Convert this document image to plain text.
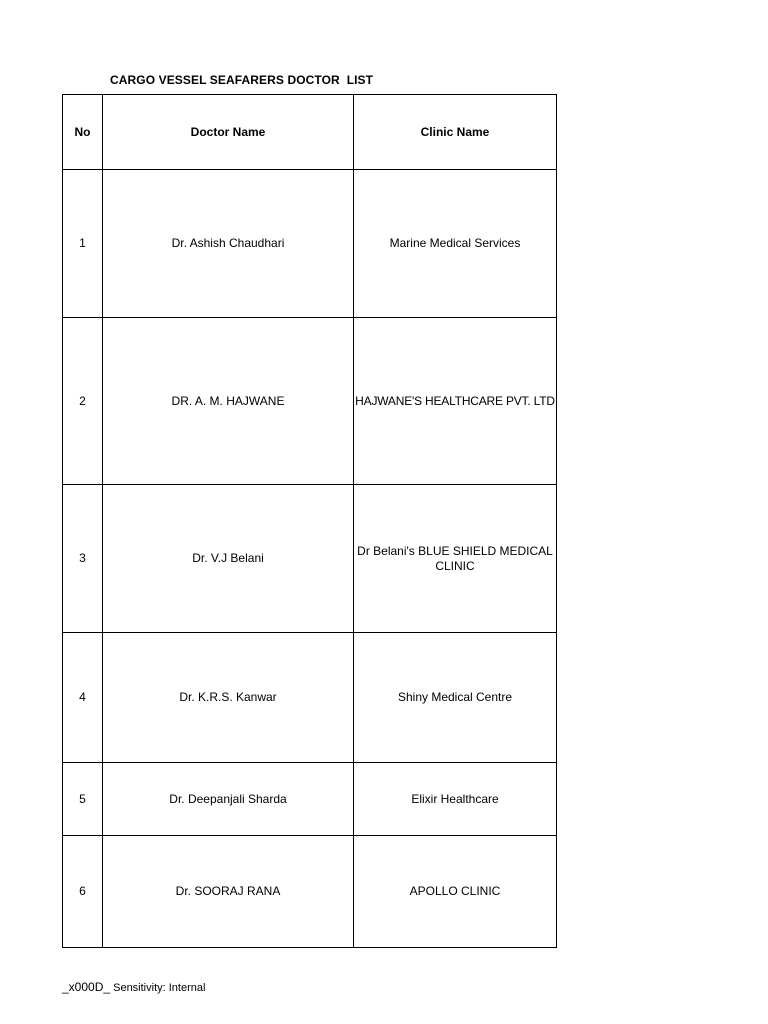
CARGO VESSEL SEAFARERS DOCTOR  LIST
No	Doctor Name	Clinic Name
1	Dr. Ashish Chaudhari	Marine Medical Services
2	DR. A. M. HAJWANE	HAJWANE'S HEALTHCARE PVT. LTD
3	Dr. V.J Belani	Dr Belani's BLUE SHIELD MEDICAL CLINIC
4	Dr. K.R.S. Kanwar	Shiny Medical Centre
5	Dr. Deepanjali Sharda	Elixir Healthcare
6	Dr. SOORAJ RANA	APOLLO CLINIC
_x000D_ Sensitivity: Internal
